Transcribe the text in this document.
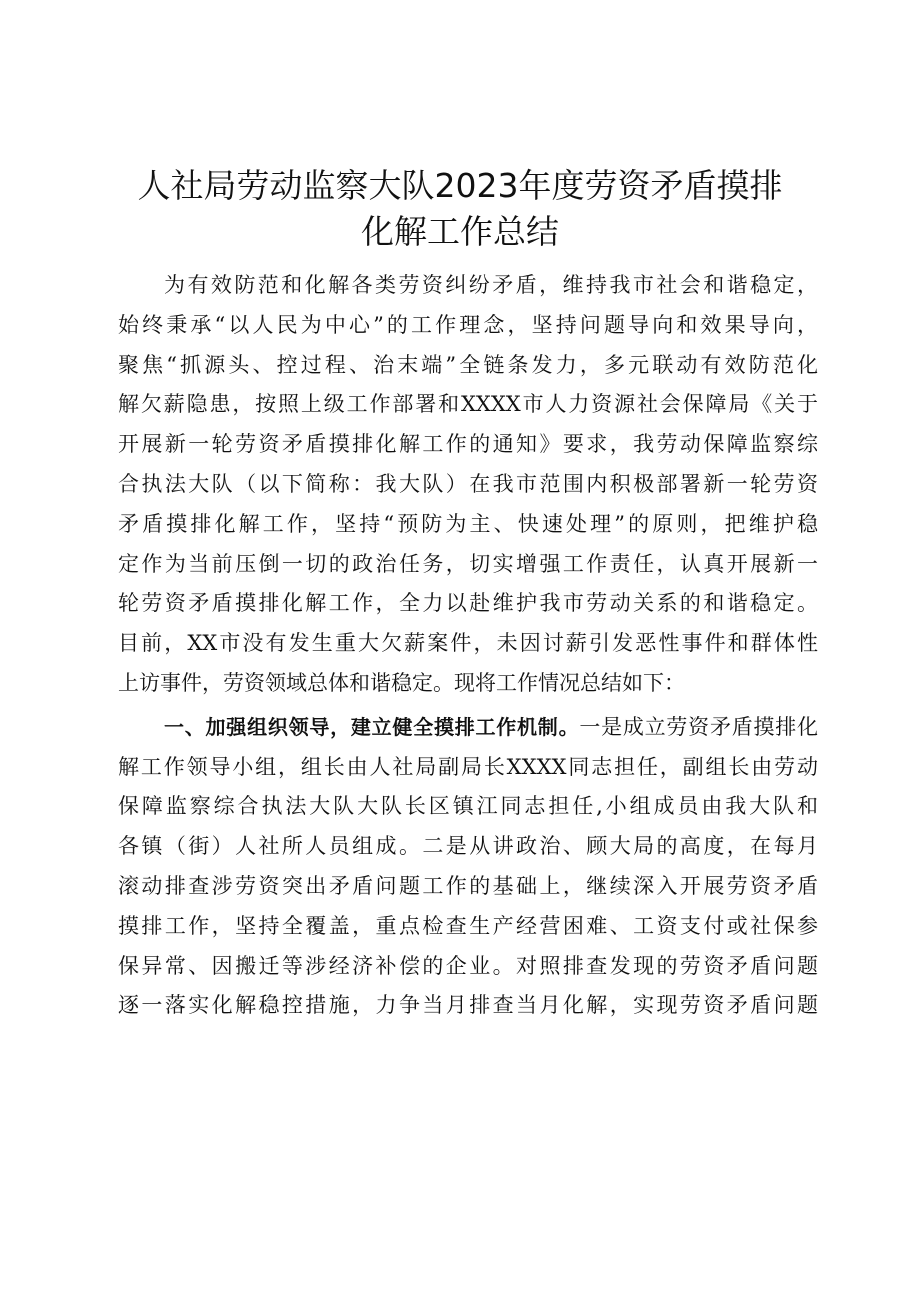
人社局劳动监察大队2023年度劳资矛盾摸排
化解工作总结
为有效防范和化解各类劳资纠纷矛盾，维持我市社会和谐稳定，
始终秉承“以人民为中心”的工作理念，坚持问题导向和效果导向，
聚焦“抓源头、控过程、治末端”全链条发力，多元联动有效防范化
解欠薪隐患，按照上级工作部署和XXXX市人力资源社会保障局《关于
开展新一轮劳资矛盾摸排化解工作的通知》要求，我劳动保障监察综
合执法大队（以下简称：我大队）在我市范围内积极部署新一轮劳资
矛盾摸排化解工作，坚持“预防为主、快速处理”的原则，把维护稳
定作为当前压倒一切的政治任务，切实增强工作责任，认真开展新一
轮劳资矛盾摸排化解工作，全力以赴维护我市劳动关系的和谐稳定。
目前，XX市没有发生重大欠薪案件，未因讨薪引发恶性事件和群体性
上访事件，劳资领域总体和谐稳定。现将工作情况总结如下：
一、加强组织领导，建立健全摸排工作机制。一是成立劳资矛盾摸排化
解工作领导小组，组长由人社局副局长XXXX同志担任，副组长由劳动
保障监察综合执法大队大队长区镇江同志担任,小组成员由我大队和
各镇（街）人社所人员组成。二是从讲政治、顾大局的高度，在每月
滚动排查涉劳资突出矛盾问题工作的基础上，继续深入开展劳资矛盾
摸排工作，坚持全覆盖，重点检查生产经营困难、工资支付或社保参
保异常、因搬迁等涉经济补偿的企业。对照排查发现的劳资矛盾问题
逐一落实化解稳控措施，力争当月排查当月化解，实现劳资矛盾问题
